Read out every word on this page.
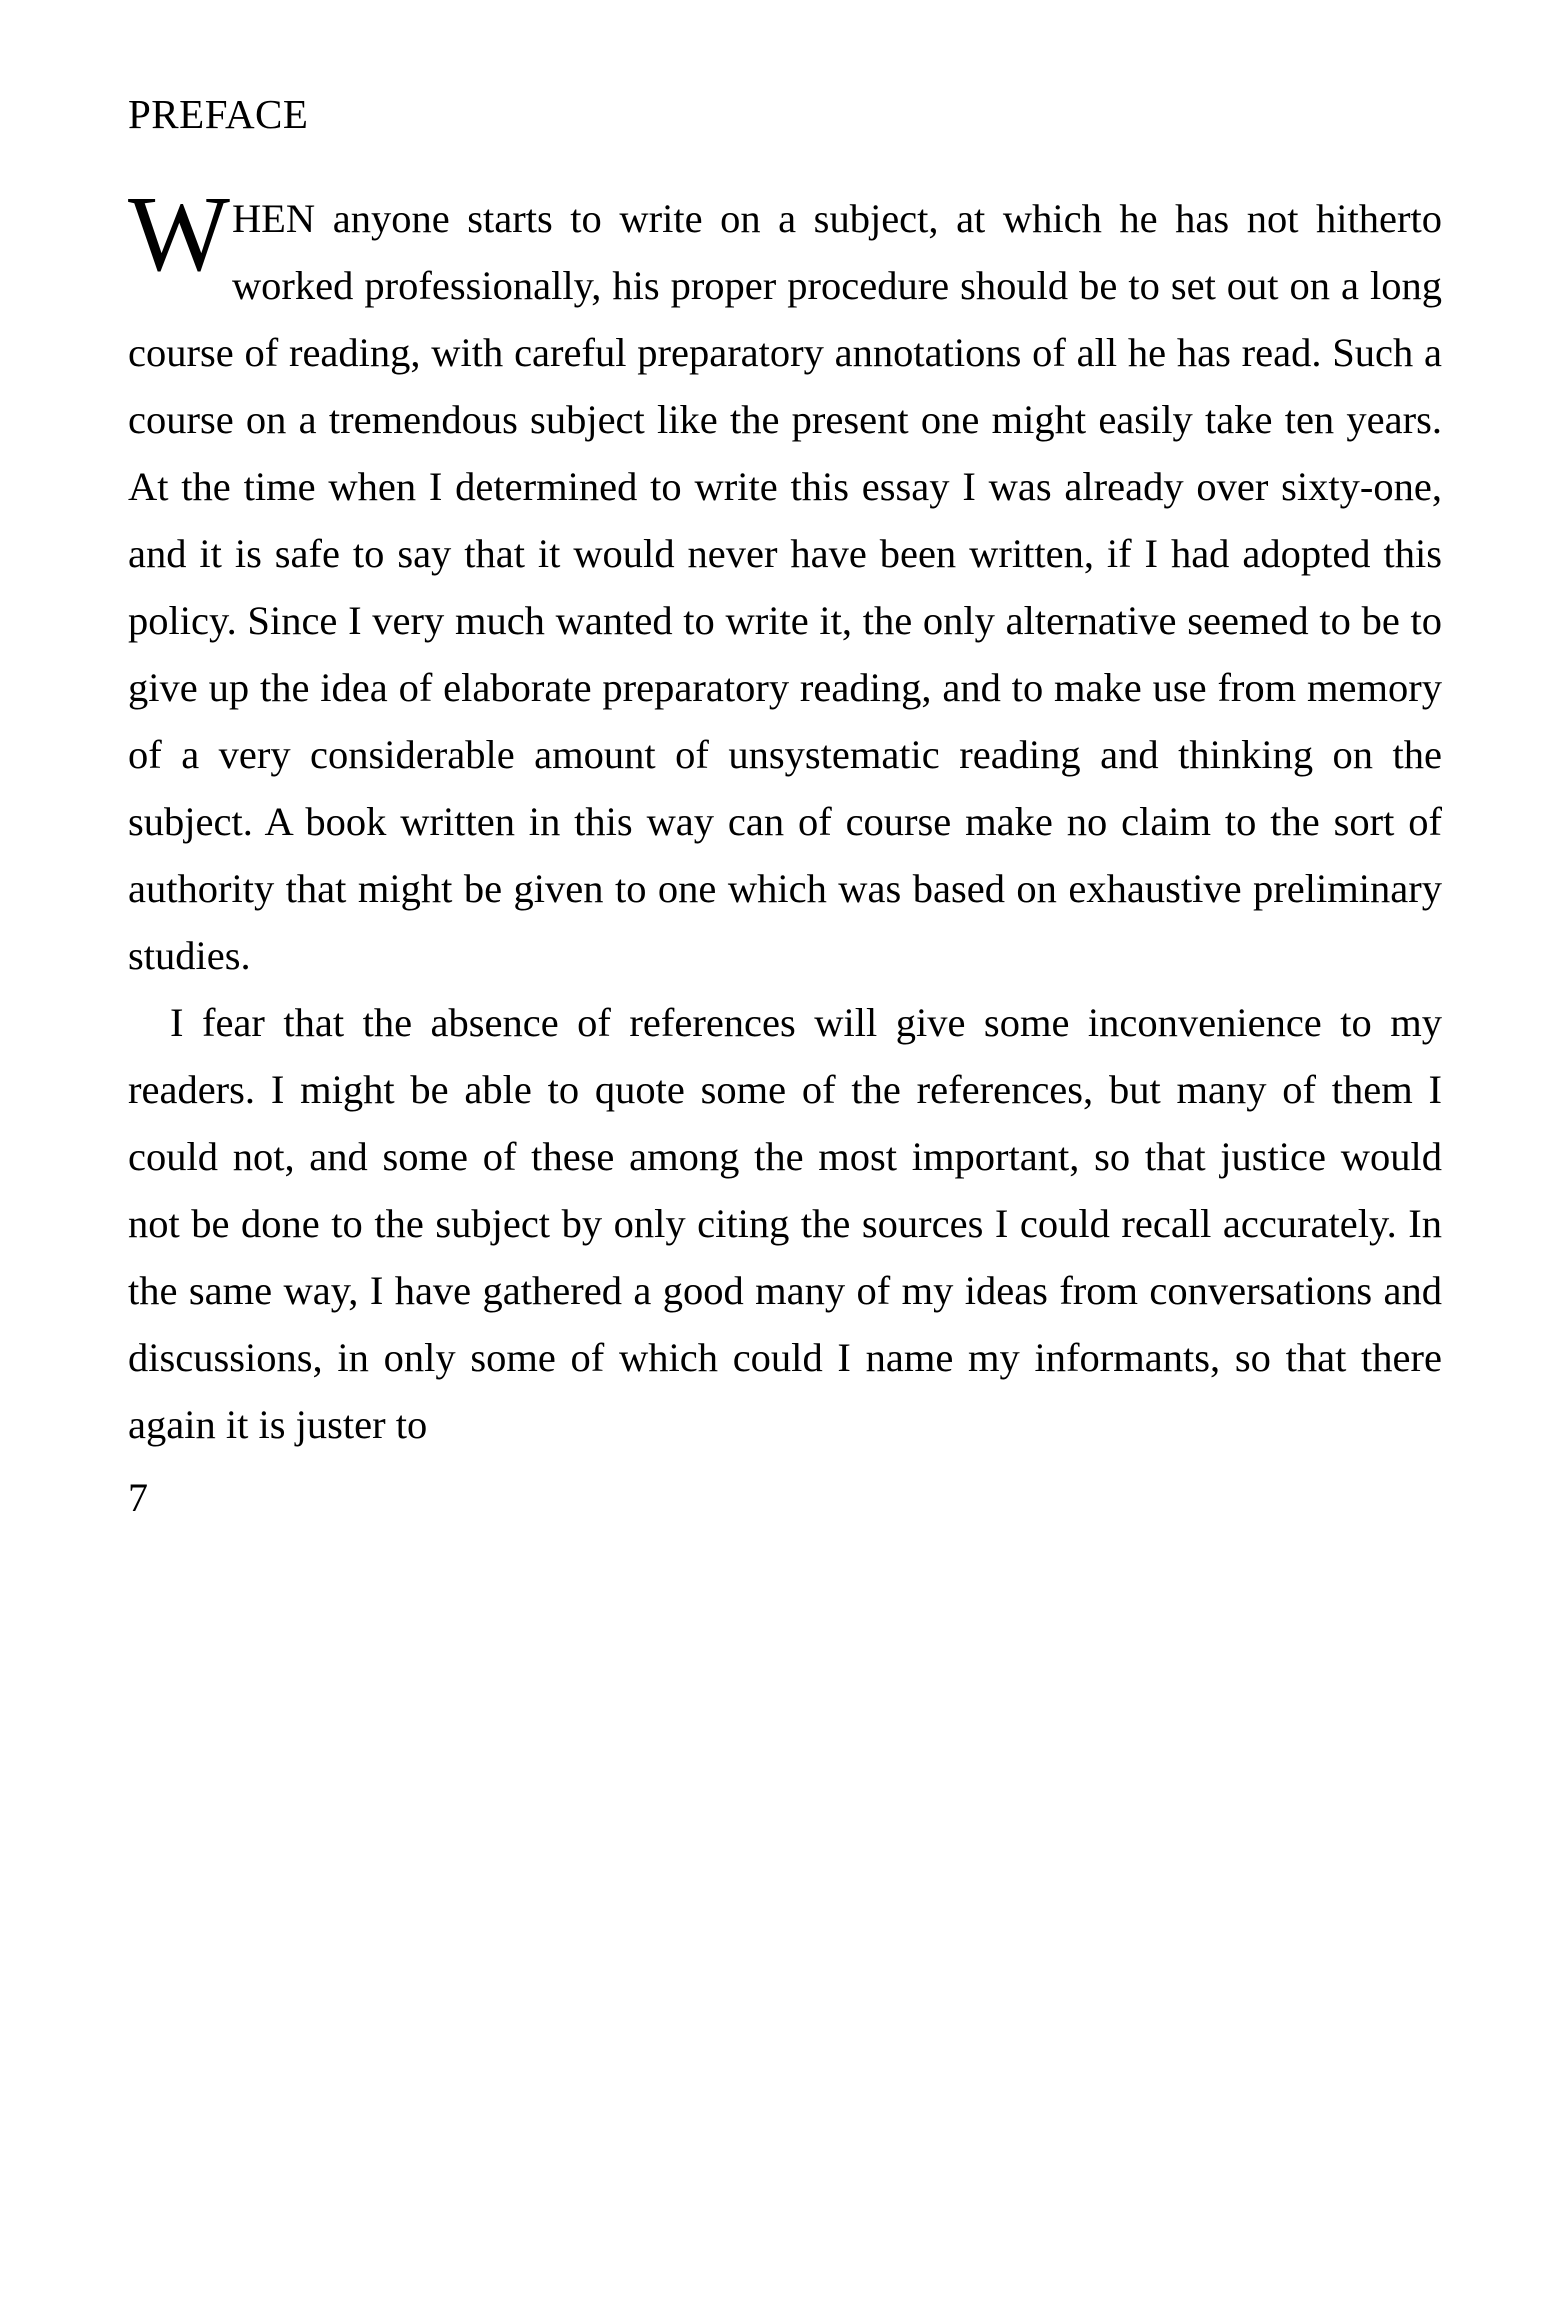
PREFACE

WHEN anyone starts to write on a subject, at which he has not hitherto worked professionally, his proper procedure should be to set out on a long course of reading, with careful preparatory annotations of all he has read. Such a course on a tremendous subject like the present one might easily take ten years. At the time when I determined to write this essay I was already over sixty-one, and it is safe to say that it would never have been written, if I had adopted this policy. Since I very much wanted to write it, the only alternative seemed to be to give up the idea of elaborate preparatory reading, and to make use from memory of a very considerable amount of unsystematic reading and thinking on the subject. A book written in this way can of course make no claim to the sort of authority that might be given to one which was based on exhaustive preliminary studies.

I fear that the absence of references will give some inconvenience to my readers. I might be able to quote some of the references, but many of them I could not, and some of these among the most important, so that justice would not be done to the subject by only citing the sources I could recall accurately. In the same way, I have gathered a good many of my ideas from conversations and discussions, in only some of which could I name my informants, so that there again it is juster to

7
